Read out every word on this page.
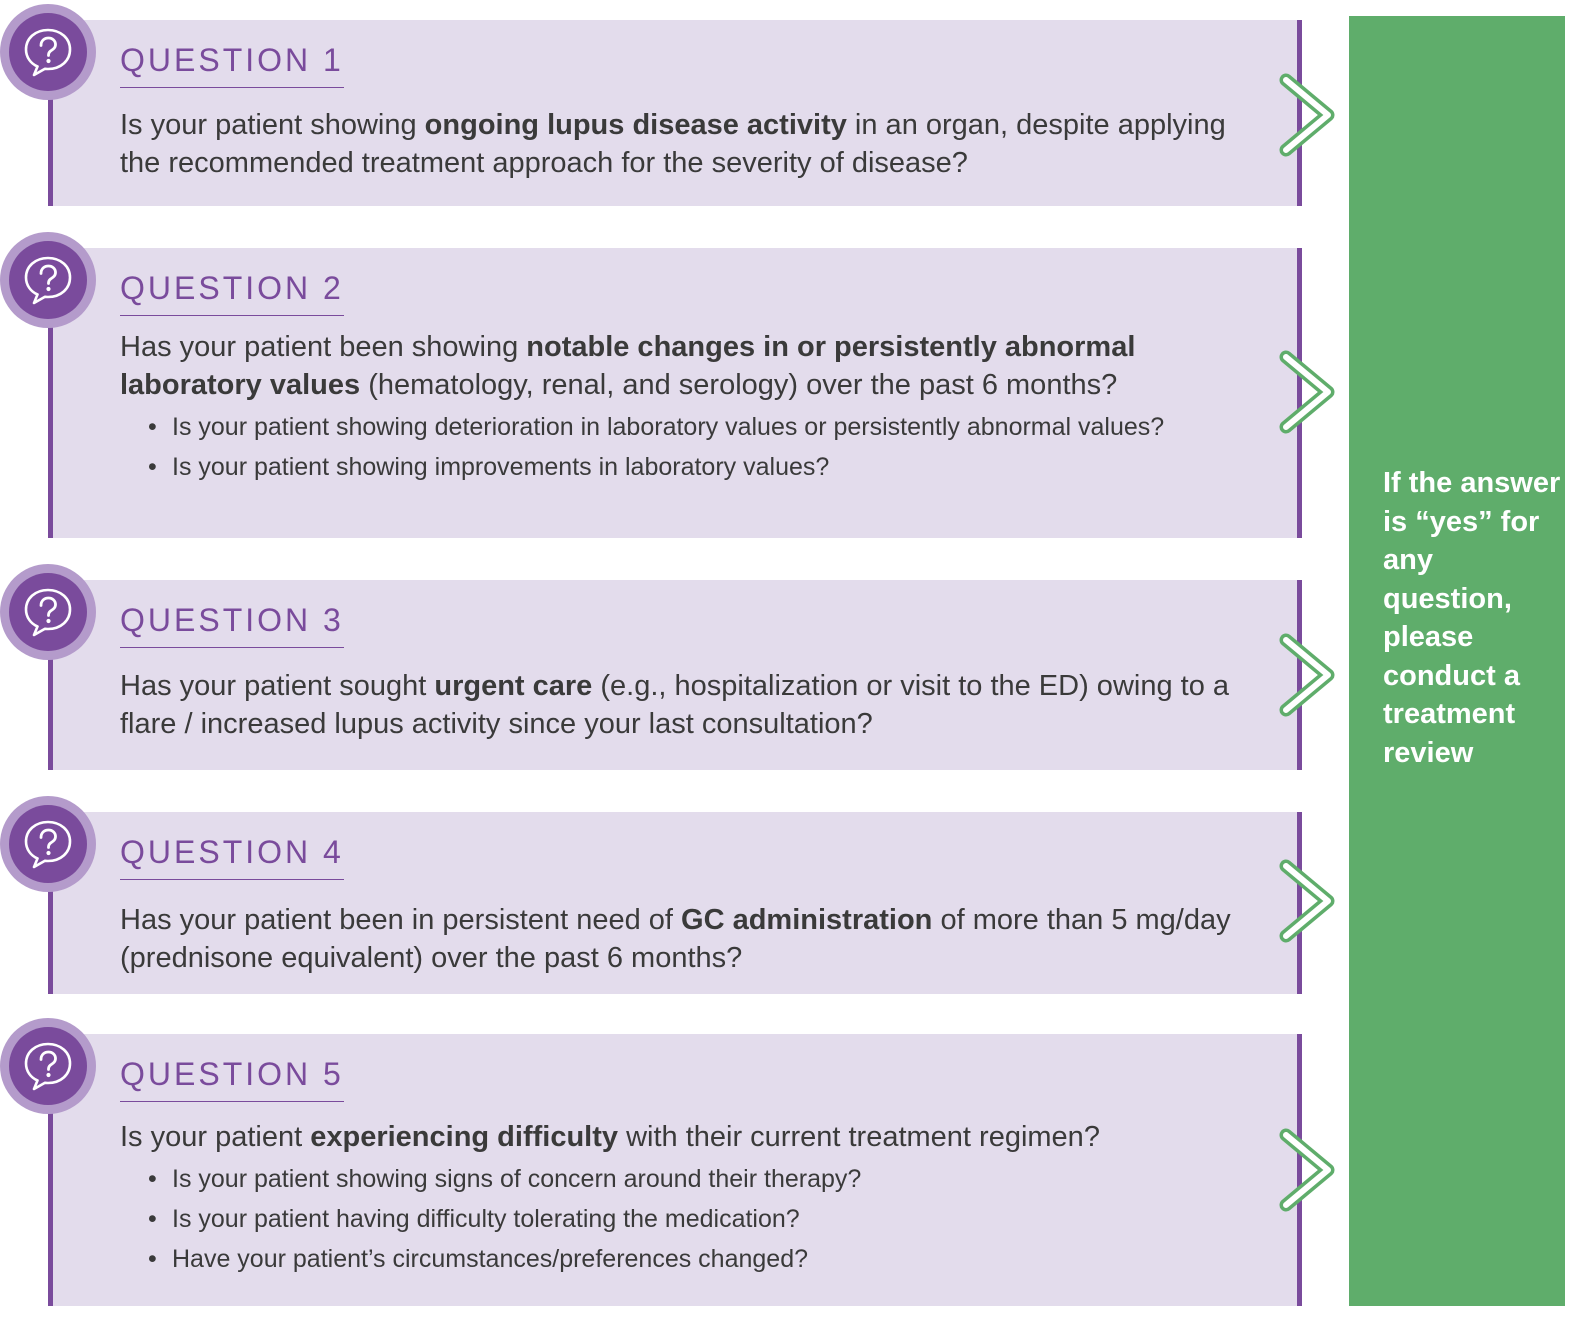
QUESTION 1
Is your patient showing ongoing lupus disease activity in an organ, despite applying the recommended treatment approach for the severity of disease?
QUESTION 2
Has your patient been showing notable changes in or persistently abnormal laboratory values (hematology, renal, and serology) over the past 6 months?
• Is your patient showing deterioration in laboratory values or persistently abnormal values?
• Is your patient showing improvements in laboratory values?
QUESTION 3
Has your patient sought urgent care (e.g., hospitalization or visit to the ED) owing to a flare / increased lupus activity since your last consultation?
QUESTION 4
Has your patient been in persistent need of GC administration of more than 5 mg/day (prednisone equivalent) over the past 6 months?
QUESTION 5
Is your patient experiencing difficulty with their current treatment regimen?
• Is your patient showing signs of concern around their therapy?
• Is your patient having difficulty tolerating the medication?
• Have your patient’s circumstances/preferences changed?
If the answer is “yes” for any question, please conduct a treatment review
